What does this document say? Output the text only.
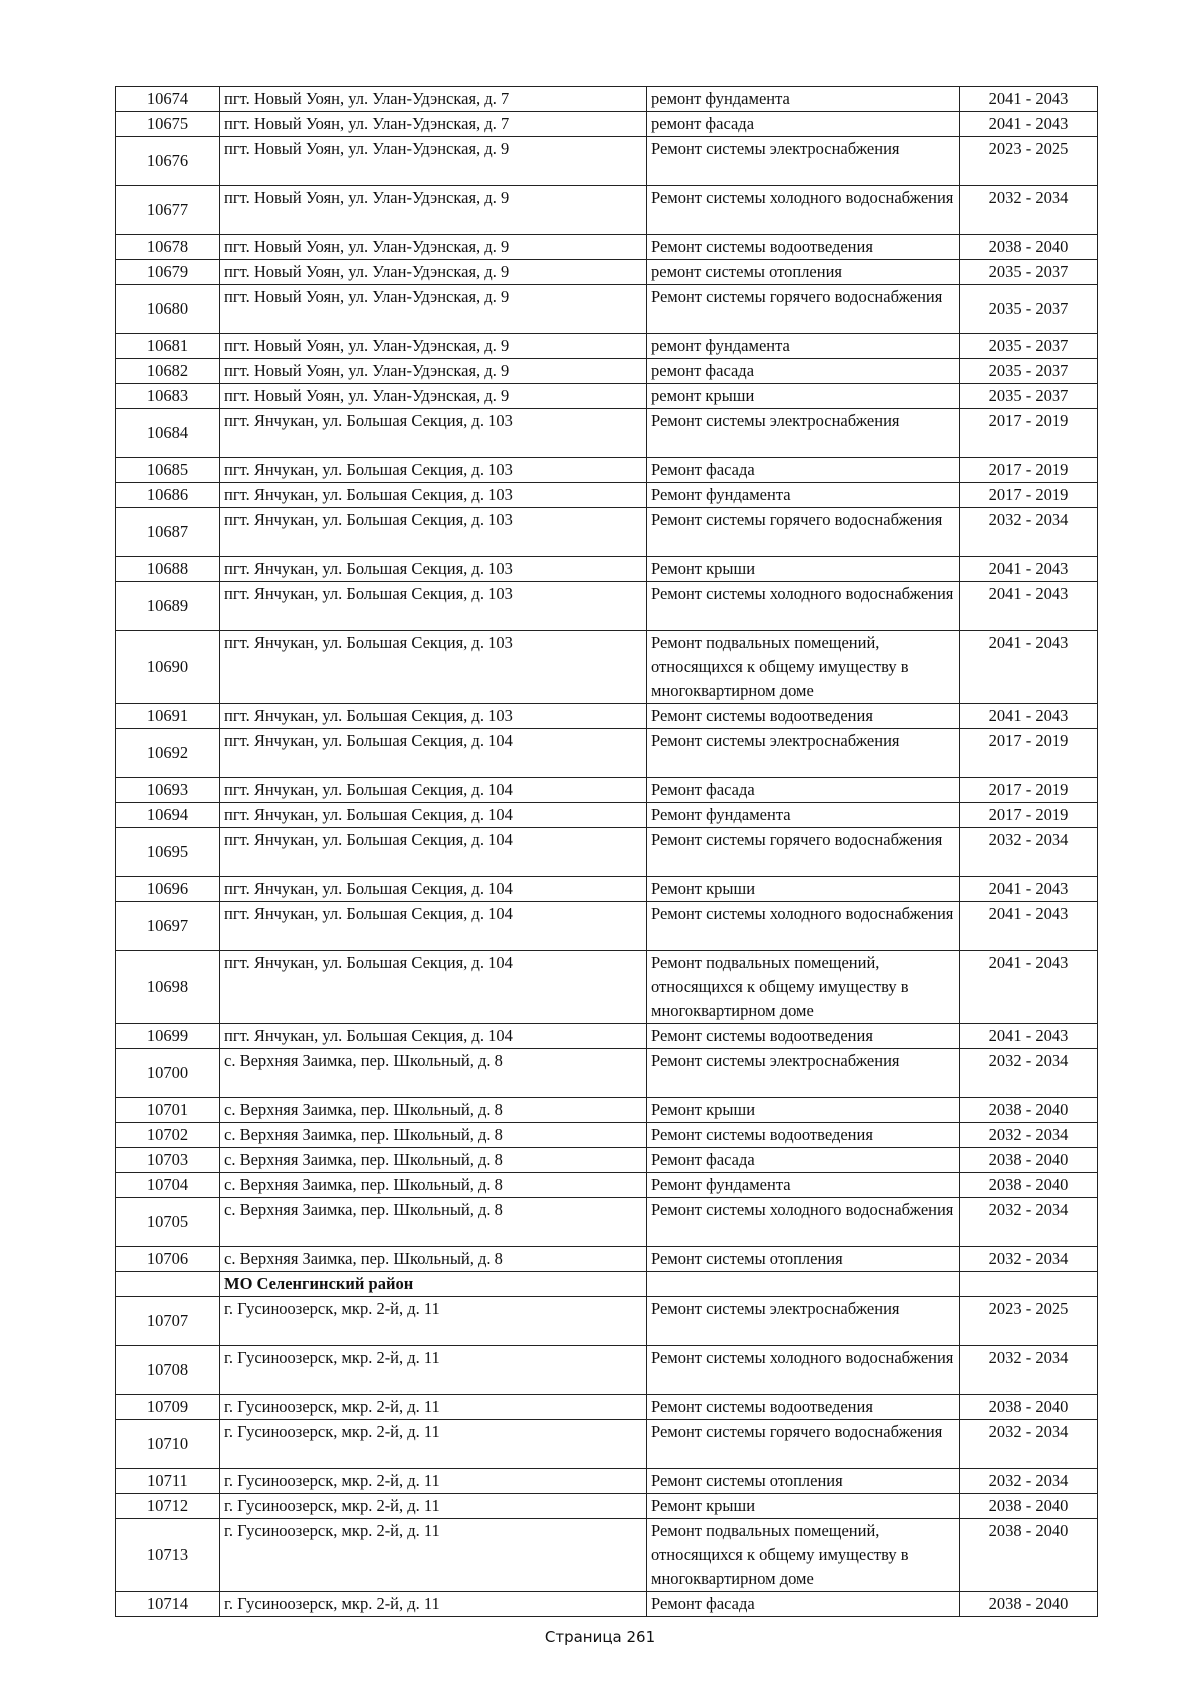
10674	пгт. Новый Уоян, ул. Улан-Удэнская, д. 7	ремонт фундамента	2041 - 2043
10675	пгт. Новый Уоян, ул. Улан-Удэнская, д. 7	ремонт фасада	2041 - 2043
10676	пгт. Новый Уоян, ул. Улан-Удэнская, д. 9	Ремонт системы электроснабжения	2023 - 2025
10677	пгт. Новый Уоян, ул. Улан-Удэнская, д. 9	Ремонт системы холодного водоснабжения	2032 - 2034
10678	пгт. Новый Уоян, ул. Улан-Удэнская, д. 9	Ремонт системы водоотведения	2038 - 2040
10679	пгт. Новый Уоян, ул. Улан-Удэнская, д. 9	ремонт системы отопления	2035 - 2037
10680	пгт. Новый Уоян, ул. Улан-Удэнская, д. 9	Ремонт системы горячего водоснабжения	2035 - 2037
10681	пгт. Новый Уоян, ул. Улан-Удэнская, д. 9	ремонт фундамента	2035 - 2037
10682	пгт. Новый Уоян, ул. Улан-Удэнская, д. 9	ремонт фасада	2035 - 2037
10683	пгт. Новый Уоян, ул. Улан-Удэнская, д. 9	ремонт крыши	2035 - 2037
10684	пгт. Янчукан, ул. Большая Секция, д. 103	Ремонт системы электроснабжения	2017 - 2019
10685	пгт. Янчукан, ул. Большая Секция, д. 103	Ремонт фасада	2017 - 2019
10686	пгт. Янчукан, ул. Большая Секция, д. 103	Ремонт фундамента	2017 - 2019
10687	пгт. Янчукан, ул. Большая Секция, д. 103	Ремонт системы горячего водоснабжения	2032 - 2034
10688	пгт. Янчукан, ул. Большая Секция, д. 103	Ремонт крыши	2041 - 2043
10689	пгт. Янчукан, ул. Большая Секция, д. 103	Ремонт системы холодного водоснабжения	2041 - 2043
10690	пгт. Янчукан, ул. Большая Секция, д. 103	Ремонт подвальных помещений, относящихся к общему имуществу в многоквартирном доме	2041 - 2043
10691	пгт. Янчукан, ул. Большая Секция, д. 103	Ремонт системы водоотведения	2041 - 2043
10692	пгт. Янчукан, ул. Большая Секция, д. 104	Ремонт системы электроснабжения	2017 - 2019
10693	пгт. Янчукан, ул. Большая Секция, д. 104	Ремонт фасада	2017 - 2019
10694	пгт. Янчукан, ул. Большая Секция, д. 104	Ремонт фундамента	2017 - 2019
10695	пгт. Янчукан, ул. Большая Секция, д. 104	Ремонт системы горячего водоснабжения	2032 - 2034
10696	пгт. Янчукан, ул. Большая Секция, д. 104	Ремонт крыши	2041 - 2043
10697	пгт. Янчукан, ул. Большая Секция, д. 104	Ремонт системы холодного водоснабжения	2041 - 2043
10698	пгт. Янчукан, ул. Большая Секция, д. 104	Ремонт подвальных помещений, относящихся к общему имуществу в многоквартирном доме	2041 - 2043
10699	пгт. Янчукан, ул. Большая Секция, д. 104	Ремонт системы водоотведения	2041 - 2043
10700	с. Верхняя Заимка, пер. Школьный, д. 8	Ремонт системы электроснабжения	2032 - 2034
10701	с. Верхняя Заимка, пер. Школьный, д. 8	Ремонт крыши	2038 - 2040
10702	с. Верхняя Заимка, пер. Школьный, д. 8	Ремонт системы водоотведения	2032 - 2034
10703	с. Верхняя Заимка, пер. Школьный, д. 8	Ремонт фасада	2038 - 2040
10704	с. Верхняя Заимка, пер. Школьный, д. 8	Ремонт фундамента	2038 - 2040
10705	с. Верхняя Заимка, пер. Школьный, д. 8	Ремонт системы холодного водоснабжения	2032 - 2034
10706	с. Верхняя Заимка, пер. Школьный, д. 8	Ремонт системы отопления	2032 - 2034
	МО Селенгинский район		
10707	г. Гусиноозерск, мкр. 2-й, д. 11	Ремонт системы электроснабжения	2023 - 2025
10708	г. Гусиноозерск, мкр. 2-й, д. 11	Ремонт системы холодного водоснабжения	2032 - 2034
10709	г. Гусиноозерск, мкр. 2-й, д. 11	Ремонт системы водоотведения	2038 - 2040
10710	г. Гусиноозерск, мкр. 2-й, д. 11	Ремонт системы горячего водоснабжения	2032 - 2034
10711	г. Гусиноозерск, мкр. 2-й, д. 11	Ремонт системы отопления	2032 - 2034
10712	г. Гусиноозерск, мкр. 2-й, д. 11	Ремонт крыши	2038 - 2040
10713	г. Гусиноозерск, мкр. 2-й, д. 11	Ремонт подвальных помещений, относящихся к общему имуществу в многоквартирном доме	2038 - 2040
10714	г. Гусиноозерск, мкр. 2-й, д. 11	Ремонт фасада	2038 - 2040
Страница 261
